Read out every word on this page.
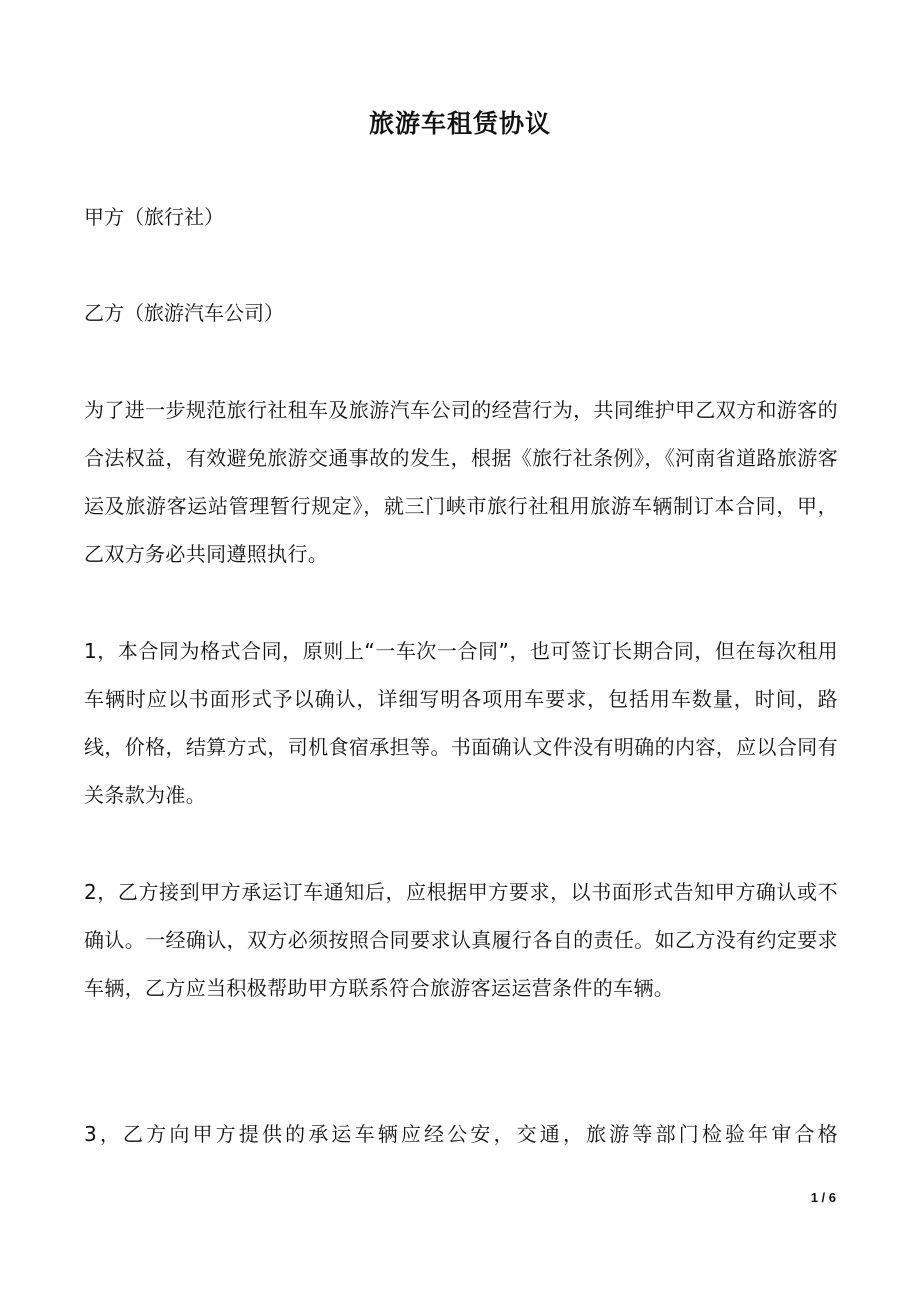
旅游车租赁协议
甲方（旅行社）
乙方（旅游汽车公司）
为了进一步规范旅行社租车及旅游汽车公司的经营行为，共同维护甲乙双方和游客的合法权益，有效避免旅游交通事故的发生，根据《旅行社条例》，《河南省道路旅游客运及旅游客运站管理暂行规定》，就三门峡市旅行社租用旅游车辆制订本合同，甲，乙双方务必共同遵照执行。
1，本合同为格式合同，原则上“一车次一合同”，也可签订长期合同，但在每次租用车辆时应以书面形式予以确认，详细写明各项用车要求，包括用车数量，时间，路线，价格，结算方式，司机食宿承担等。书面确认文件没有明确的内容，应以合同有关条款为准。
2，乙方接到甲方承运订车通知后，应根据甲方要求，以书面形式告知甲方确认或不确认。一经确认，双方必须按照合同要求认真履行各自的责任。如乙方没有约定要求车辆，乙方应当积极帮助甲方联系符合旅游客运运营条件的车辆。
3，乙方向甲方提供的承运车辆应经公安，交通，旅游等部门检验年审合格
1 / 6
